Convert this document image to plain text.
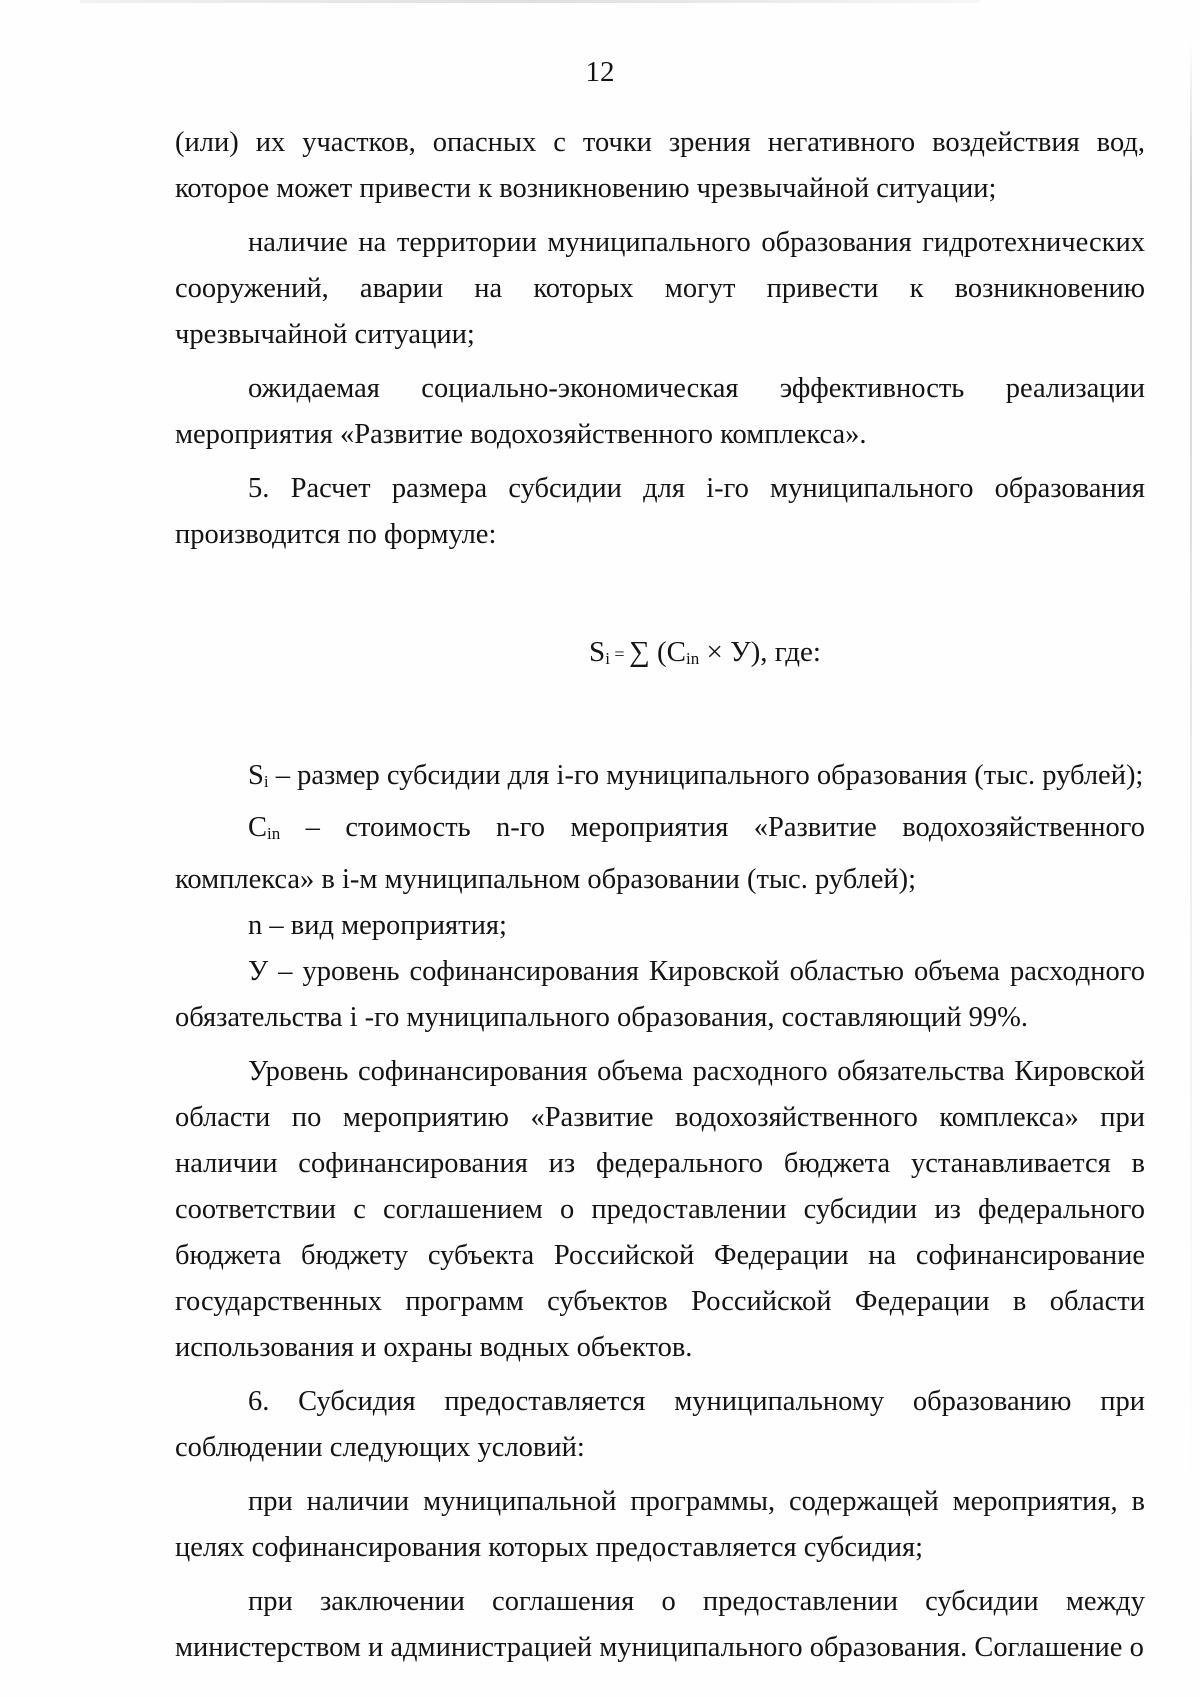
12

(или) их участков, опасных с точки зрения негативного воздействия вод, которое может привести к возникновению чрезвычайной ситуации;

наличие на территории муниципального образования гидротехнических сооружений, аварии на которых могут привести к возникновению чрезвычайной ситуации;

ожидаемая социально-экономическая эффективность реализации мероприятия «Развитие водохозяйственного комплекса».

5. Расчет размера субсидии для i-го муниципального образования производится по формуле:

Si = ∑ (Cin × У), где:

Si – размер субсидии для i-го муниципального образования (тыс. рублей);

Cin – стоимость n-го мероприятия «Развитие водохозяйственного комплекса» в i-м муниципальном образовании (тыс. рублей);

n – вид мероприятия;

У – уровень софинансирования Кировской областью объема расходного обязательства i -го муниципального образования, составляющий 99%.

Уровень софинансирования объема расходного обязательства Кировской области по мероприятию «Развитие водохозяйственного комплекса» при наличии софинансирования из федерального бюджета устанавливается в соответствии с соглашением о предоставлении субсидии из федерального бюджета бюджету субъекта Российской Федерации на софинансирование государственных программ субъектов Российской Федерации в области использования и охраны водных объектов.

6. Субсидия предоставляется муниципальному образованию при соблюдении следующих условий:

при наличии муниципальной программы, содержащей мероприятия, в целях софинансирования которых предоставляется субсидия;

при заключении соглашения о предоставлении субсидии между министерством и администрацией муниципального образования. Соглашение о
